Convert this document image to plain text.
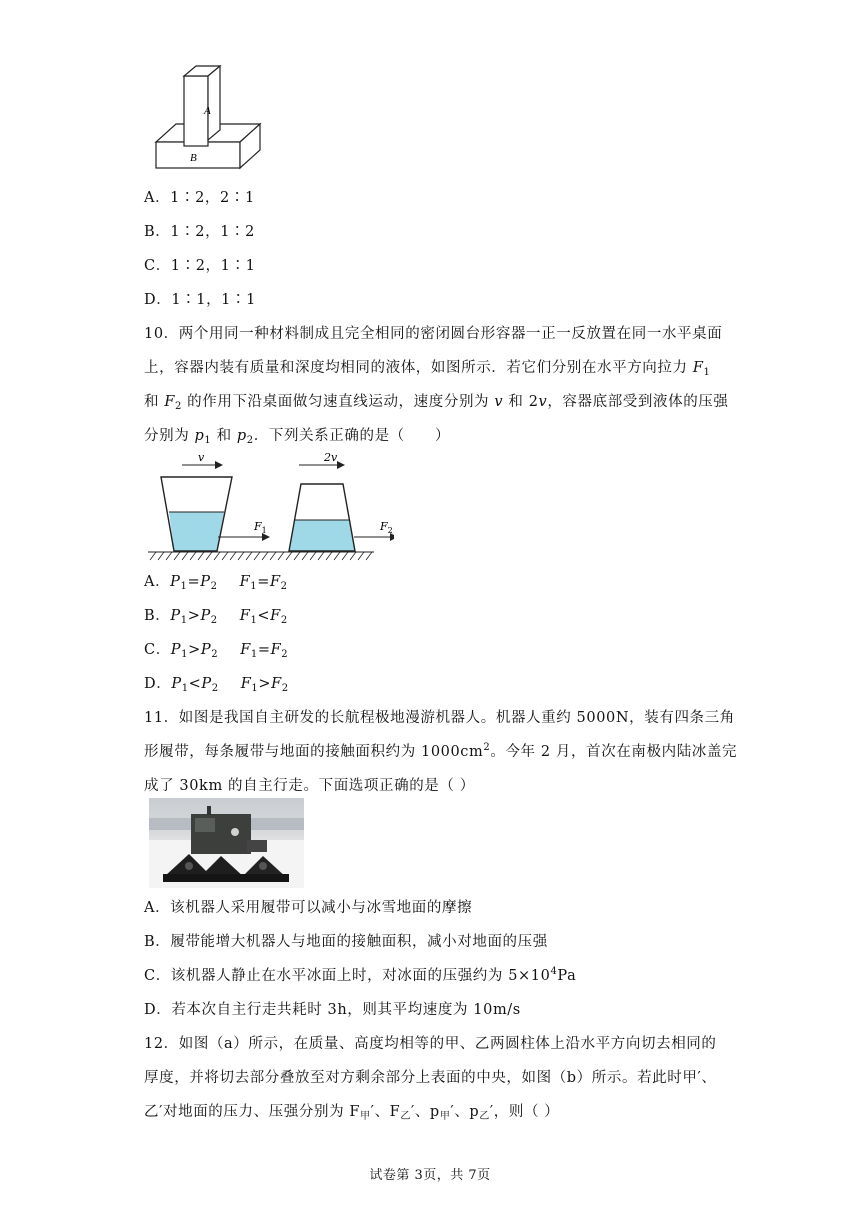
A
B
A．1∶2，2∶1
B．1∶2，1∶2
C．1∶2，1∶1
D．1∶1，1∶1
10．两个用同一种材料制成且完全相同的密闭圆台形容器一正一反放置在同一水平桌面
上，容器内装有质量和深度均相同的液体，如图所示．若它们分别在水平方向拉力 $F_1$
和 $F_2$ 的作用下沿桌面做匀速直线运动，速度分别为 v 和 2v，容器底部受到液体的压强
分别为 $p_1$ 和 $p_2$．下列关系正确的是（　　）
v	2v
$F_1$	$F_2$
A．$P_1=P_2$ $F_1=F_2$
B．$P_1>P_2$ $F_1<F_2$
C．$P_1>P_2$ $F_1=F_2$
D．$P_1<P_2$ $F_1>F_2$
11．如图是我国自主研发的长航程极地漫游机器人。机器人重约 5000N，装有四条三角
形履带，每条履带与地面的接触面积约为 $1000cm^2$。今年 2 月，首次在南极内陆冰盖完
成了 30km 的自主行走。下面选项正确的是（ ）
A．该机器人采用履带可以减小与冰雪地面的摩擦
B．履带能增大机器人与地面的接触面积，减小对地面的压强
C．该机器人静止在水平冰面上时，对冰面的压强约为 $5\times 10^4Pa$
D．若本次自主行走共耗时 3h，则其平均速度为 10m/s
12．如图（a）所示，在质量、高度均相等的甲、乙两圆柱体上沿水平方向切去相同的
厚度，并将切去部分叠放至对方剩余部分上表面的中央，如图（b）所示。若此时甲′、
乙′对地面的压力、压强分别为 $F_甲'$、$F_乙'$、$p_甲'$、$p_乙'$，则（ ）
试卷第 3页，共 7页
